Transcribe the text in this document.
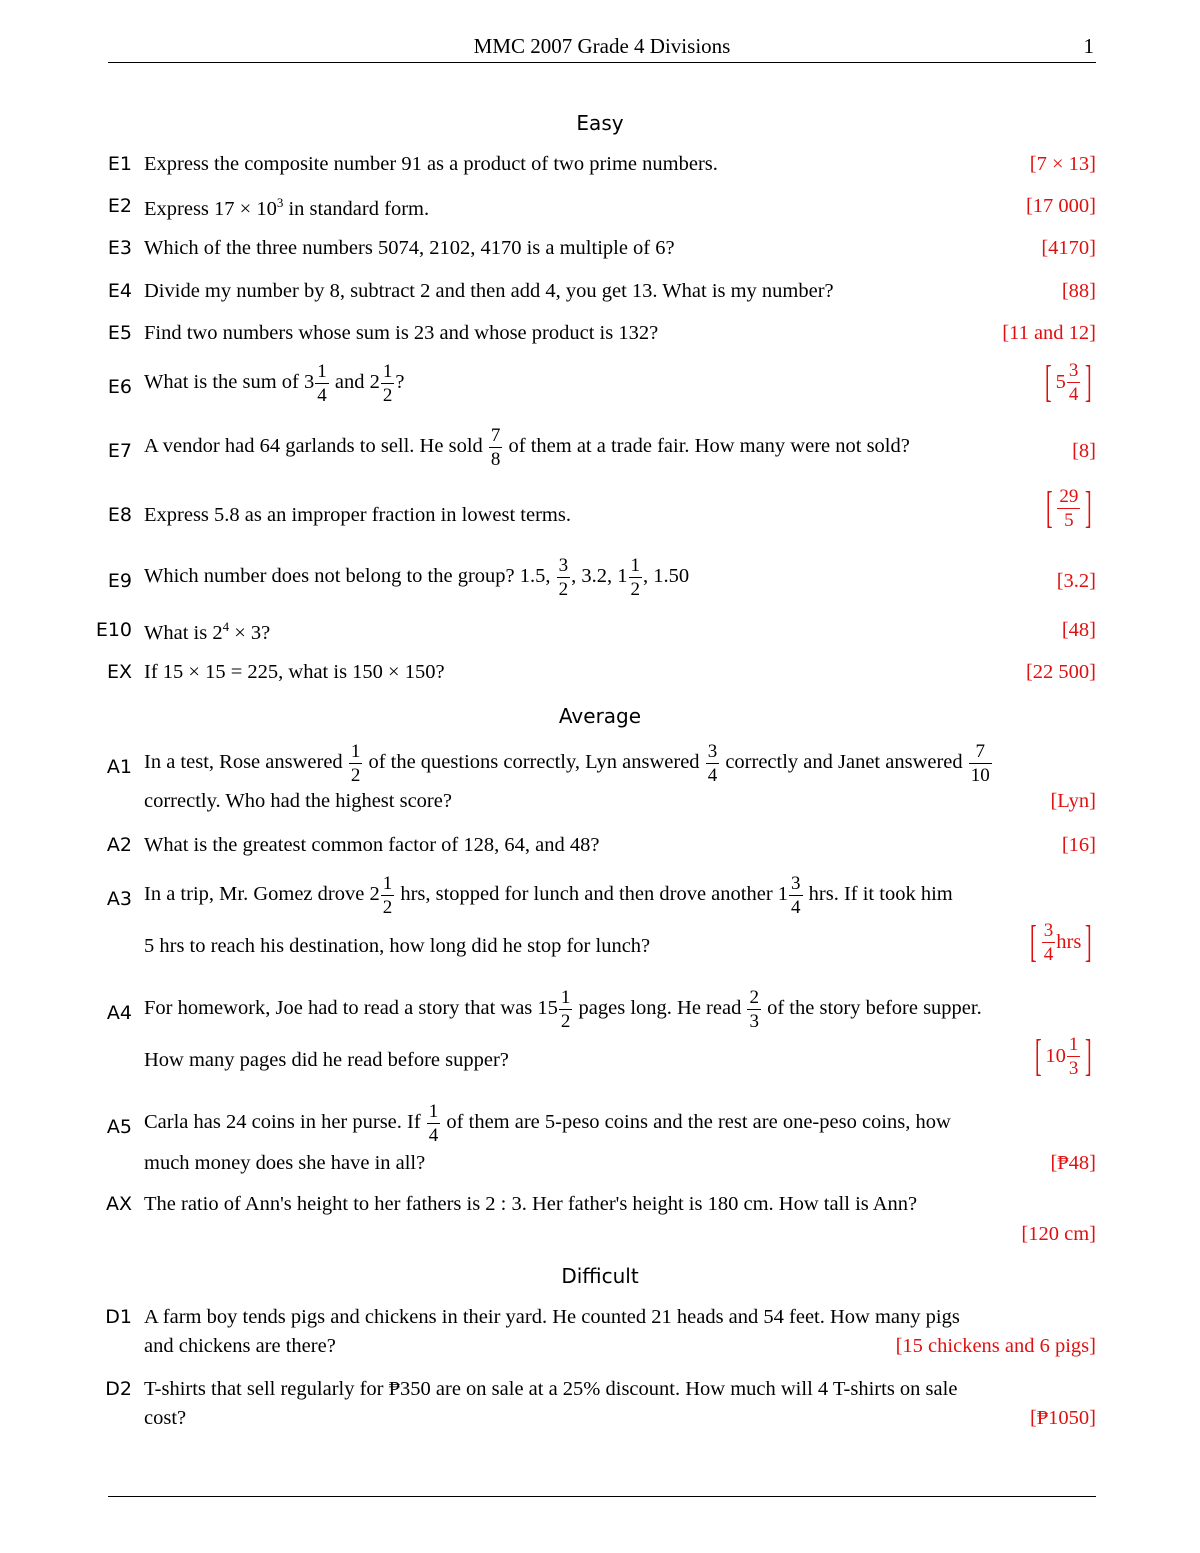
MMC 2007 Grade 4 Divisions	1
Easy
E1 Express the composite number 91 as a product of two prime numbers.	[7 × 13]
E2 Express $17 \times 10^3$ in standard form.	[17 000]
E3 Which of the three numbers 5074, 2102, 4170 is a multiple of 6?	[4170]
E4 Divide my number by 8, subtract 2 and then add 4, you get 13. What is my number?	[88]
E5 Find two numbers whose sum is 23 and whose product is 132?	[11 and 12]
E6 What is the sum of $3 \frac{1}{4}$ and $2 \frac{1}{2}$ ?	[ $5 \frac{3}{4}$ ]
E7 A vendor had 64 garlands to sell. He sold $\frac{7}{8}$ of them at a trade fair. How many were not sold?	[8]
E8 Express 5.8 as an improper fraction in lowest terms.	[ $\frac{29}{5}$ ]
E9 Which number does not belong to the group? 1.5, $\frac{3}{2}$ , 3.2, $1 \frac{1}{2}$ , 1.50	[3.2]
E10 What is $2^4 \times 3$?	[48]
EX If 15 × 15 = 225, what is 150 × 150?	[22 500]
Average
A1 In a test, Rose answered $\frac{1}{2}$ of the questions correctly, Lyn answered $\frac{3}{4}$ correctly and Janet answered $\frac{7}{10}$
correctly. Who had the highest score?	[Lyn]
A2 What is the greatest common factor of 128, 64, and 48?	[16]
A3 In a trip, Mr. Gomez drove $2 \frac{1}{2}$ hrs, stopped for lunch and then drove another $1 \frac{3}{4}$ hrs. If it took him
5 hrs to reach his destination, how long did he stop for lunch?	[ $\frac{3}{4}$ hrs ]
A4 For homework, Joe had to read a story that was $15 \frac{1}{2}$ pages long. He read $\frac{2}{3}$ of the story before supper.
How many pages did he read before supper?	[ $10 \frac{1}{3}$ ]
A5 Carla has 24 coins in her purse. If $\frac{1}{4}$ of them are 5-peso coins and the rest are one-peso coins, how
much money does she have in all?	[₱48]
AX The ratio of Ann's height to her fathers is 2 : 3. Her father's height is 180 cm. How tall is Ann?
[120 cm]
Difficult
D1 A farm boy tends pigs and chickens in their yard. He counted 21 heads and 54 feet. How many pigs
and chickens are there?	[15 chickens and 6 pigs]
D2 T-shirts that sell regularly for ₱350 are on sale at a 25% discount. How much will 4 T-shirts on sale
cost?	[₱1050]
